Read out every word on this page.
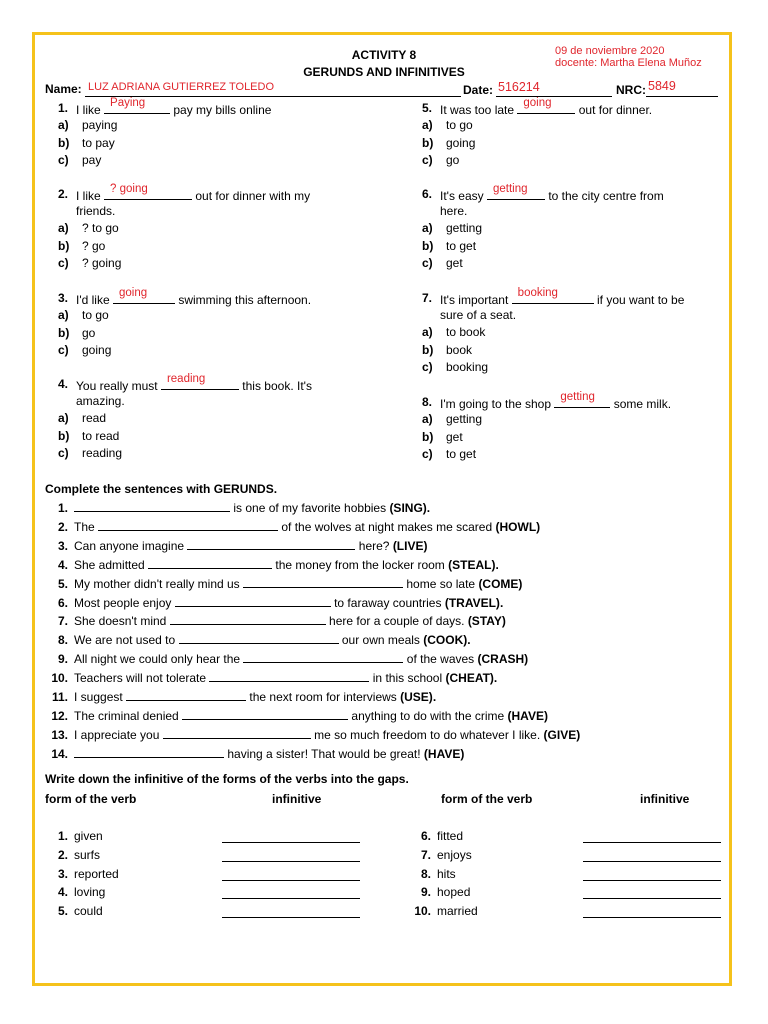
ACTIVITY 8
GERUNDS AND INFINITIVES
09 de noviembre 2020
docente: Martha Elena Muñoz
Name: LUZ ADRIANA GUTIERREZ TOLEDO	Date: 516214	NRC: 5849
1. I like Paying pay my bills online
a) paying
b) to pay
c) pay
2. I like ? going	out for dinner with my
friends.
a) ? to go
b) ? go
c) ? going
3. I'd like going	swimming this afternoon.
a) to go
b) go
c) going
4. You really must reading	this book. It's
amazing.
a) read
b) to read
c) reading
5. It was too late going out for dinner.
a) to go
b) going
c) go
6. It's easy getting to the city centre from
here.
a) getting
b) to get
c) get
7. It's important booking	if you want to be
sure of a seat.
a) to book
b) book
c) booking
8. I'm going to the shop getting some milk.
a) getting
b) get
c) to get
Complete the sentences with GERUNDS.
1.	is one of my favorite hobbies (SING).
2. The	of the wolves at night makes me scared (HOWL)
3. Can anyone imagine	here? (LIVE)
4. She admitted	the money from the locker room (STEAL).
5. My mother didn't really mind us	home so late (COME)
6. Most people enjoy	to faraway countries (TRAVEL).
7. She doesn't mind	here for a couple of days. (STAY)
8. We are not used to	our own meals (COOK).
9. All night we could only hear the	of the waves (CRASH)
10. Teachers will not tolerate	in this school (CHEAT).
11. I suggest	the next room for interviews (USE).
12. The criminal denied	anything to do with the crime (HAVE)
13. I appreciate you	me so much freedom to do whatever I like. (GIVE)
14.	having a sister! That would be great! (HAVE)
Write down the infinitive of the forms of the verbs into the gaps.
form of the verb	infinitive	form of the verb	infinitive
1. given
2. surfs
3. reported
4. loving
5. could
6. fitted
7. enjoys
8. hits
9. hoped
10. married
